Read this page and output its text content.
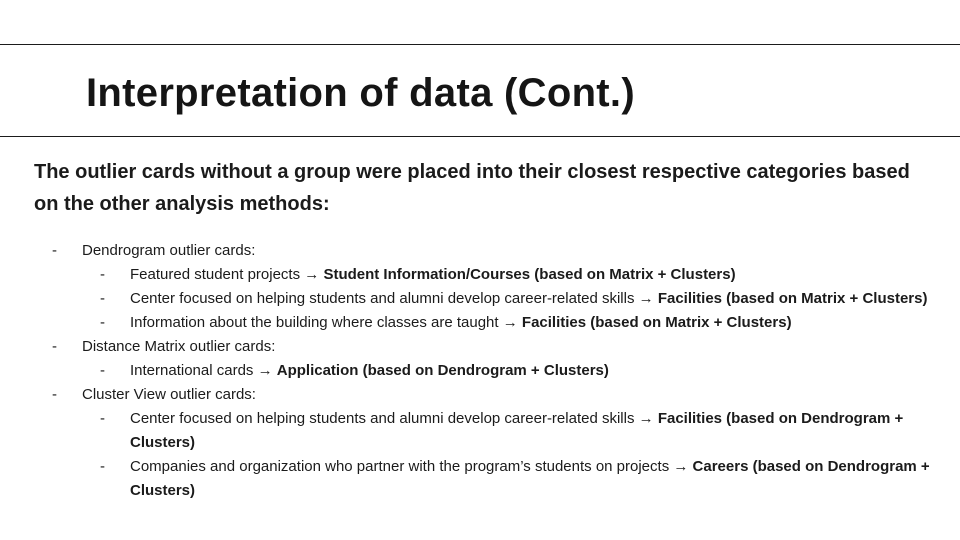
Interpretation of data (Cont.)

The outlier cards without a group were placed into their closest respective categories based on the other analysis methods:

- Dendrogram outlier cards:
- Featured student projects → Student Information/Courses (based on Matrix + Clusters)
- Center focused on helping students and alumni develop career-related skills → Facilities (based on Matrix + Clusters)
- Information about the building where classes are taught → Facilities (based on Matrix + Clusters)
- Distance Matrix outlier cards:
- International cards → Application (based on Dendrogram + Clusters)
- Cluster View outlier cards:
- Center focused on helping students and alumni develop career-related skills → Facilities (based on Dendrogram + Clusters)
- Companies and organization who partner with the program’s students on projects → Careers (based on Dendrogram + Clusters)
